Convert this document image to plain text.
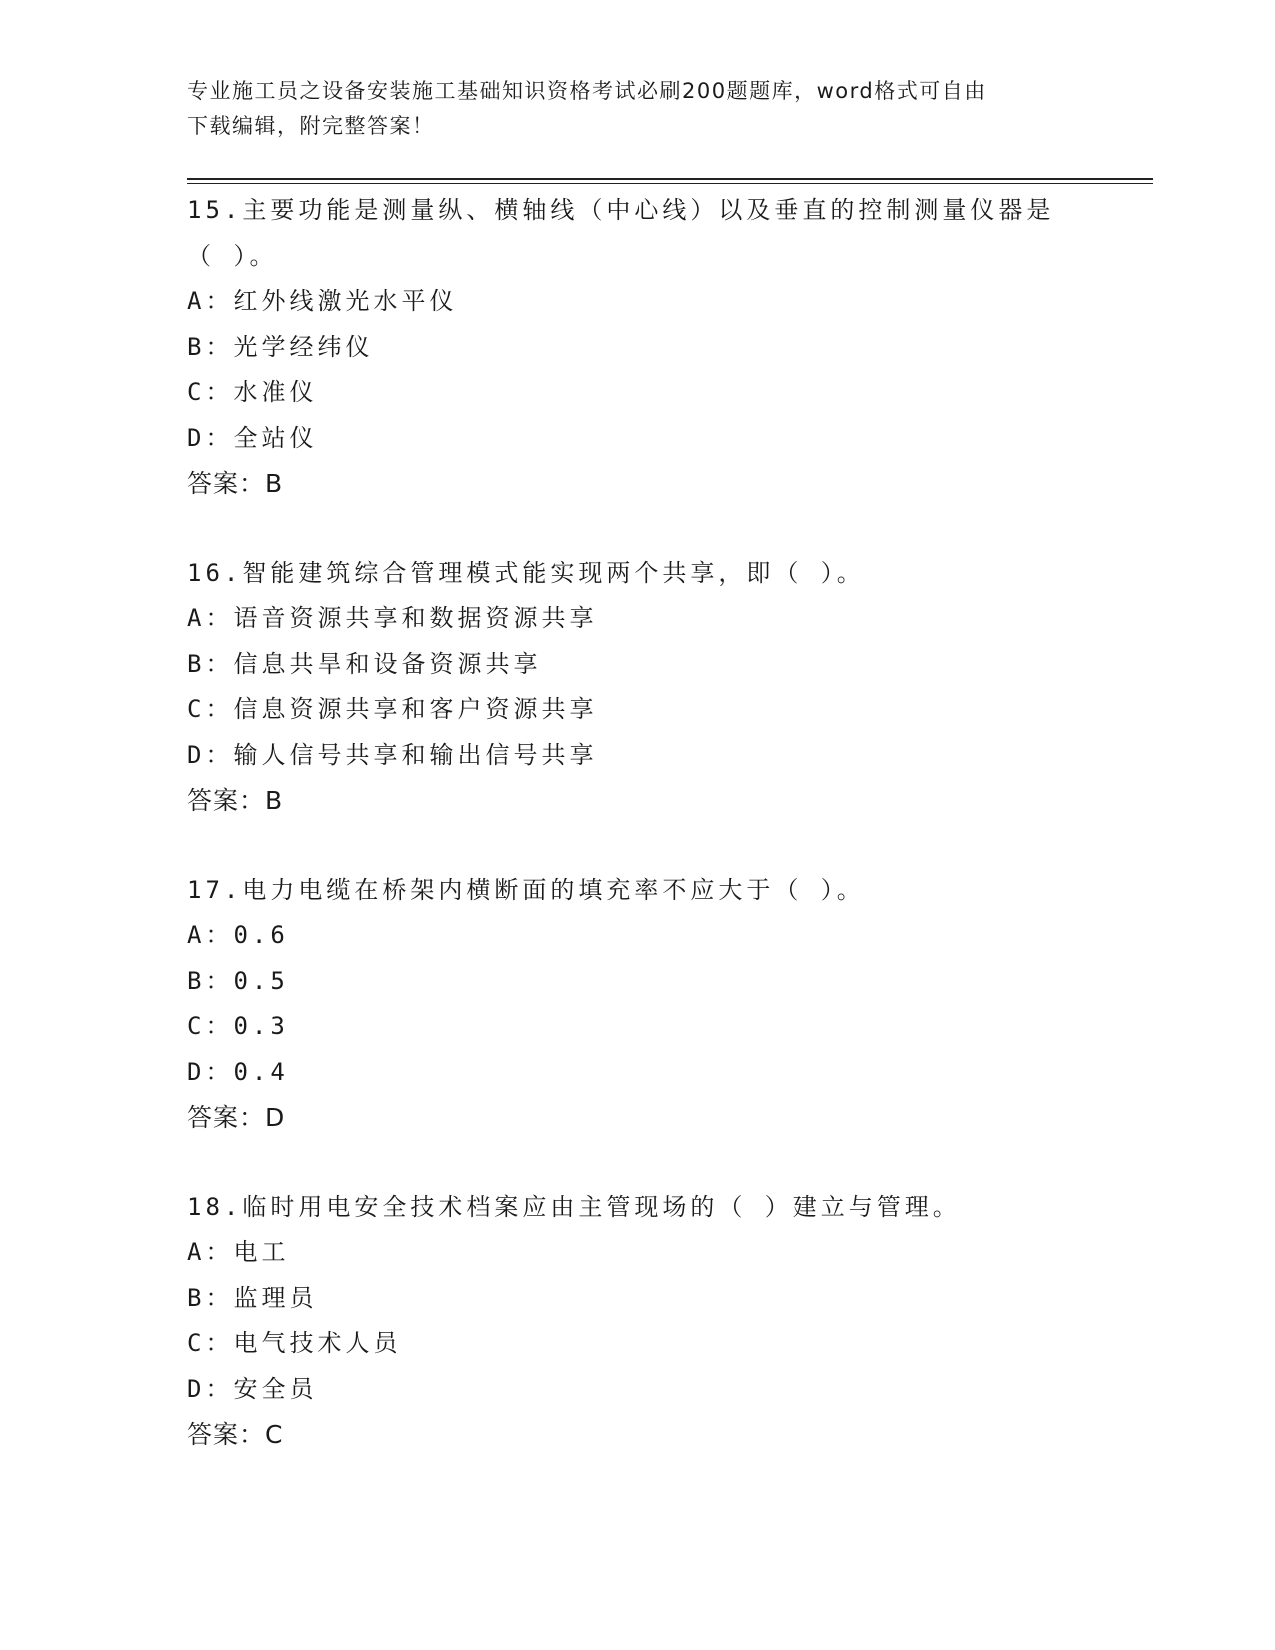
专业施工员之设备安装施工基础知识资格考试必刷200题题库，word格式可自由
下载编辑，附完整答案！
15.主要功能是测量纵、横轴线（中心线）以及垂直的控制测量仪器是
（ ）。
A：红外线激光水平仪
B：光学经纬仪
C：水准仪
D：全站仪
答案：B
16.智能建筑综合管理模式能实现两个共享，即（ ）。
A：语音资源共享和数据资源共享
B：信息共旱和设备资源共享
C：信息资源共享和客户资源共享
D：输人信号共享和输出信号共享
答案：B
17.电力电缆在桥架内横断面的填充率不应大于（ ）。
A：0.6
B：0.5
C：0.3
D：0.4
答案：D
18.临时用电安全技术档案应由主管现场的（ ）建立与管理。
A：电工
B：监理员
C：电气技术人员
D：安全员
答案：C
